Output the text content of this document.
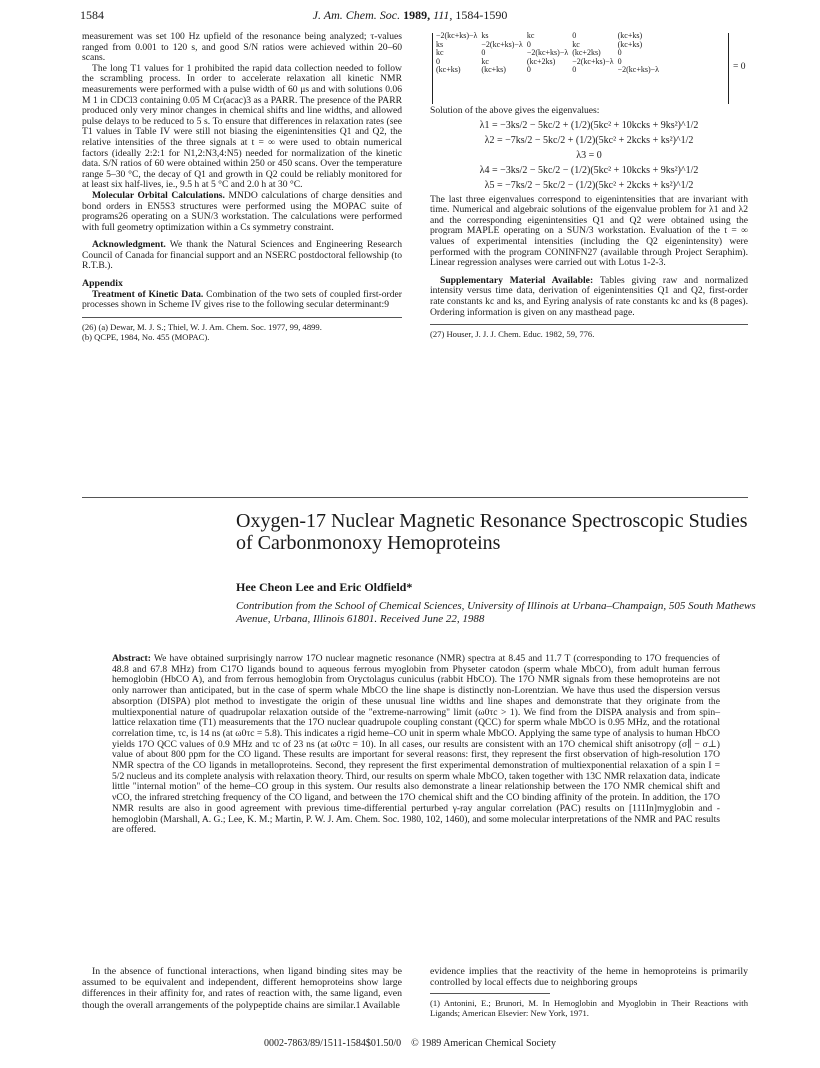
1584	J. Am. Chem. Soc. 1989, 111, 1584-1590

measurement was set 100 Hz upfield of the resonance being analyzed; τ-values ranged from 0.001 to 120 s, and good S/N ratios were achieved within 20–60 scans.

The long T1 values for 1 prohibited the rapid data collection needed to follow the scrambling process. In order to accelerate relaxation all kinetic NMR measurements were performed with a pulse width of 60 μs and with solutions 0.06 M 1 in CDCl3 containing 0.05 M Cr(acac)3 as a PARR. The presence of the PARR produced only very minor changes in chemical shifts and line widths, and allowed pulse delays to be reduced to 5 s. To ensure that differences in relaxation rates (see T1 values in Table IV were still not biasing the eigenintensities Q1 and Q2, the relative intensities of the three signals at t = ∞ were used to obtain numerical factors (ideally 2:2:1 for N1,2:N3,4:N5) needed for normalization of the kinetic data. S/N ratios of 60 were obtained within 250 or 450 scans. Over the temperature range 5–30 °C, the decay of Q1 and growth in Q2 could be reliably monitored for at least six half-lives, ie., 9.5 h at 5 °C and 2.0 h at 30 °C.

Molecular Orbital Calculations. MNDO calculations of charge densities and bond orders in EN5S3 structures were performed using the MOPAC suite of programs26 operating on a SUN/3 workstation. The calculations were performed with full geometry optimization within a Cs symmetry constraint.

Acknowledgment. We thank the Natural Sciences and Engineering Research Council of Canada for financial support and an NSERC postdoctoral fellowship (to R.T.B.).

Appendix

Treatment of Kinetic Data. Combination of the two sets of coupled first-order processes shown in Scheme IV gives rise to the following secular determinant:9

(26) (a) Dewar, M. J. S.; Thiel, W. J. Am. Chem. Soc. 1977, 99, 4899.
(b) QCPE, 1984, No. 455 (MOPAC).
−2(kc+ks)−λ	ks	kc	0	(kc+ks)
ks	−2(kc+ks)−λ	0	kc	(kc+ks)
kc	0	−2(kc+ks)−λ	(kc+2ks)	0
0	kc	(kc+2ks)	−2(kc+ks)−λ	0
(kc+ks)	(kc+ks)	0	0	−2(kc+ks)−λ	= 0

Solution of the above gives the eigenvalues:

λ1 = −3ks/2 − 5kc/2 + (1/2)(5kc² + 10kcks + 9ks²)^1/2
λ2 = −7ks/2 − 5kc/2 + (1/2)(5kc² + 2kcks + ks²)^1/2
λ3 = 0
λ4 = −3ks/2 − 5kc/2 − (1/2)(5kc² + 10kcks + 9ks²)^1/2
λ5 = −7ks/2 − 5kc/2 − (1/2)(5kc² + 2kcks + ks²)^1/2

The last three eigenvalues correspond to eigenintensities that are invariant with time. Numerical and algebraic solutions of the eigenvalue problem for λ1 and λ2 and the corresponding eigenintensities Q1 and Q2 were obtained using the program MAPLE operating on a SUN/3 workstation. Evaluation of the t = ∞ values of experimental intensities (including the Q2 eigenintensity) were performed with the program CONINFN27 (available through Project Seraphim). Linear regression analyses were carried out with Lotus 1-2-3.

Supplementary Material Available: Tables giving raw and normalized intensity versus time data, derivation of eigenintensities Q1 and Q2, first-order rate constants kc and ks, and Eyring analysis of rate constants kc and ks (8 pages). Ordering information is given on any masthead page.

(27) Houser, J. J. J. Chem. Educ. 1982, 59, 776.
Oxygen-17 Nuclear Magnetic Resonance Spectroscopic Studies of Carbonmonoxy Hemoproteins
Hee Cheon Lee and Eric Oldfield*
Contribution from the School of Chemical Sciences, University of Illinois at Urbana–Champaign, 505 South Mathews Avenue, Urbana, Illinois 61801. Received June 22, 1988
Abstract: We have obtained surprisingly narrow 17O nuclear magnetic resonance (NMR) spectra at 8.45 and 11.7 T (corresponding to 17O frequencies of 48.8 and 67.8 MHz) from C17O ligands bound to aqueous ferrous myoglobin from Physeter catodon (sperm whale MbCO), from adult human ferrous hemoglobin (HbCO A), and from ferrous hemoglobin from Oryctolagus cuniculus (rabbit HbCO). The 17O NMR signals from these hemoproteins are not only narrower than anticipated, but in the case of sperm whale MbCO the line shape is distinctly non-Lorentzian. We have thus used the dispersion versus absorption (DISPA) plot method to investigate the origin of these unusual line widths and line shapes and demonstrate that they originate from the multiexponential nature of quadrupolar relaxation outside of the "extreme-narrowing" limit (ω0τc > 1). We find from the DISPA analysis and from spin–lattice relaxation time (T1) measurements that the 17O nuclear quadrupole coupling constant (QCC) for sperm whale MbCO is 0.95 MHz, and the rotational correlation time, τc, is 14 ns (at ω0τc = 5.8). This indicates a rigid heme–CO unit in sperm whale MbCO. Applying the same type of analysis to human HbCO yields 17O QCC values of 0.9 MHz and τc of 23 ns (at ω0τc = 10). In all cases, our results are consistent with an 17O chemical shift anisotropy (σ∥ − σ⊥) value of about 800 ppm for the CO ligand. These results are important for several reasons: first, they represent the first observation of high-resolution 17O NMR spectra of the CO ligands in metalloproteins. Second, they represent the first experimental demonstration of multiexponential relaxation of a spin I = 5/2 nucleus and its complete analysis with relaxation theory. Third, our results on sperm whale MbCO, taken together with 13C NMR relaxation data, indicate little "internal motion" of the heme–CO group in this system. Our results also demonstrate a linear relationship between the 17O NMR chemical shift and νCO, the infrared stretching frequency of the CO ligand, and between the 17O chemical shift and the CO binding affinity of the protein. In addition, the 17O NMR results are also in good agreement with previous time-differential perturbed γ-ray angular correlation (PAC) results on [111In]myglobin and -hemoglobin (Marshall, A. G.; Lee, K. M.; Martin, P. W. J. Am. Chem. Soc. 1980, 102, 1460), and some molecular interpretations of the NMR and PAC results are offered.

In the absence of functional interactions, when ligand binding sites may be assumed to be equivalent and independent, different hemoproteins show large differences in their affinity for, and rates of reaction with, the same ligand, even though the overall arrangements of the polypeptide chains are similar.1 Available

evidence implies that the reactivity of the heme in hemoproteins is primarily controlled by local effects due to neighboring groups

(1) Antonini, E.; Brunori, M. In Hemoglobin and Myoglobin in Their Reactions with Ligands; American Elsevier: New York, 1971.
0002-7863/89/1511-1584$01.50/0 © 1989 American Chemical Society
